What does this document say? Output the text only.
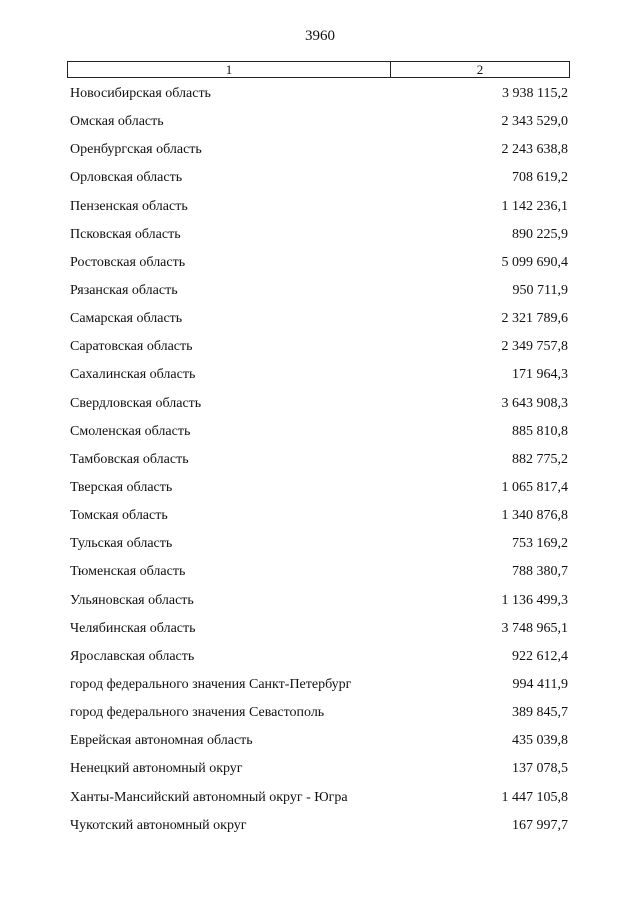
3960
1	2
Новосибирская область	3 938 115,2
Омская область	2 343 529,0
Оренбургская область	2 243 638,8
Орловская область	708 619,2
Пензенская область	1 142 236,1
Псковская область	890 225,9
Ростовская область	5 099 690,4
Рязанская область	950 711,9
Самарская область	2 321 789,6
Саратовская область	2 349 757,8
Сахалинская область	171 964,3
Свердловская область	3 643 908,3
Смоленская область	885 810,8
Тамбовская область	882 775,2
Тверская область	1 065 817,4
Томская область	1 340 876,8
Тульская область	753 169,2
Тюменская область	788 380,7
Ульяновская область	1 136 499,3
Челябинская область	3 748 965,1
Ярославская область	922 612,4
город федерального значения Санкт-Петербург	994 411,9
город федерального значения Севастополь	389 845,7
Еврейская автономная область	435 039,8
Ненецкий автономный округ	137 078,5
Ханты-Мансийский автономный округ - Югра	1 447 105,8
Чукотский автономный округ	167 997,7
